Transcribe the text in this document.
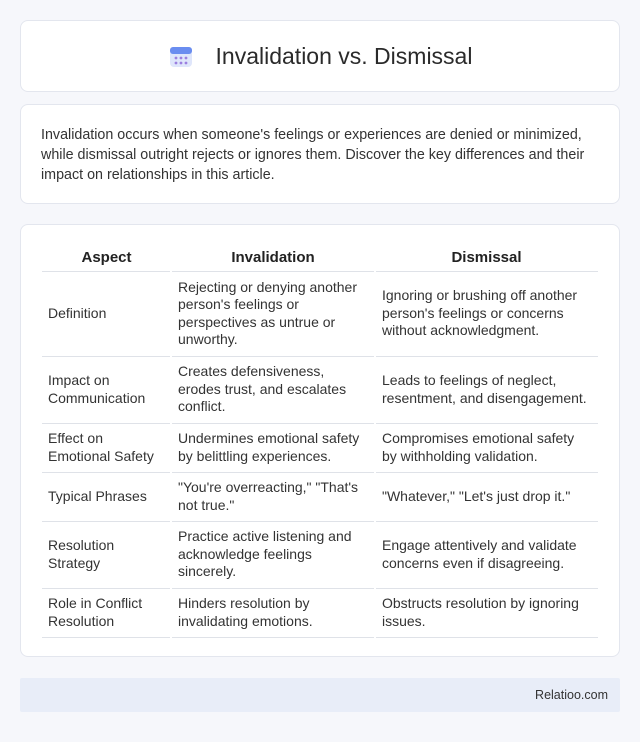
Invalidation vs. Dismissal

Invalidation occurs when someone's feelings or experiences are denied or minimized, while dismissal outright rejects or ignores them. Discover the key differences and their impact on relationships in this article.

Aspect	Invalidation	Dismissal
Definition	Rejecting or denying another person's feelings or perspectives as untrue or unworthy.	Ignoring or brushing off another person's feelings or concerns without acknowledgment.
Impact on Communication	Creates defensiveness, erodes trust, and escalates conflict.	Leads to feelings of neglect, resentment, and disengagement.
Effect on Emotional Safety	Undermines emotional safety by belittling experiences.	Compromises emotional safety by withholding validation.
Typical Phrases	"You're overreacting," "That's not true."	"Whatever," "Let's just drop it."
Resolution Strategy	Practice active listening and acknowledge feelings sincerely.	Engage attentively and validate concerns even if disagreeing.
Role in Conflict Resolution	Hinders resolution by invalidating emotions.	Obstructs resolution by ignoring issues.
Relatioo.com
